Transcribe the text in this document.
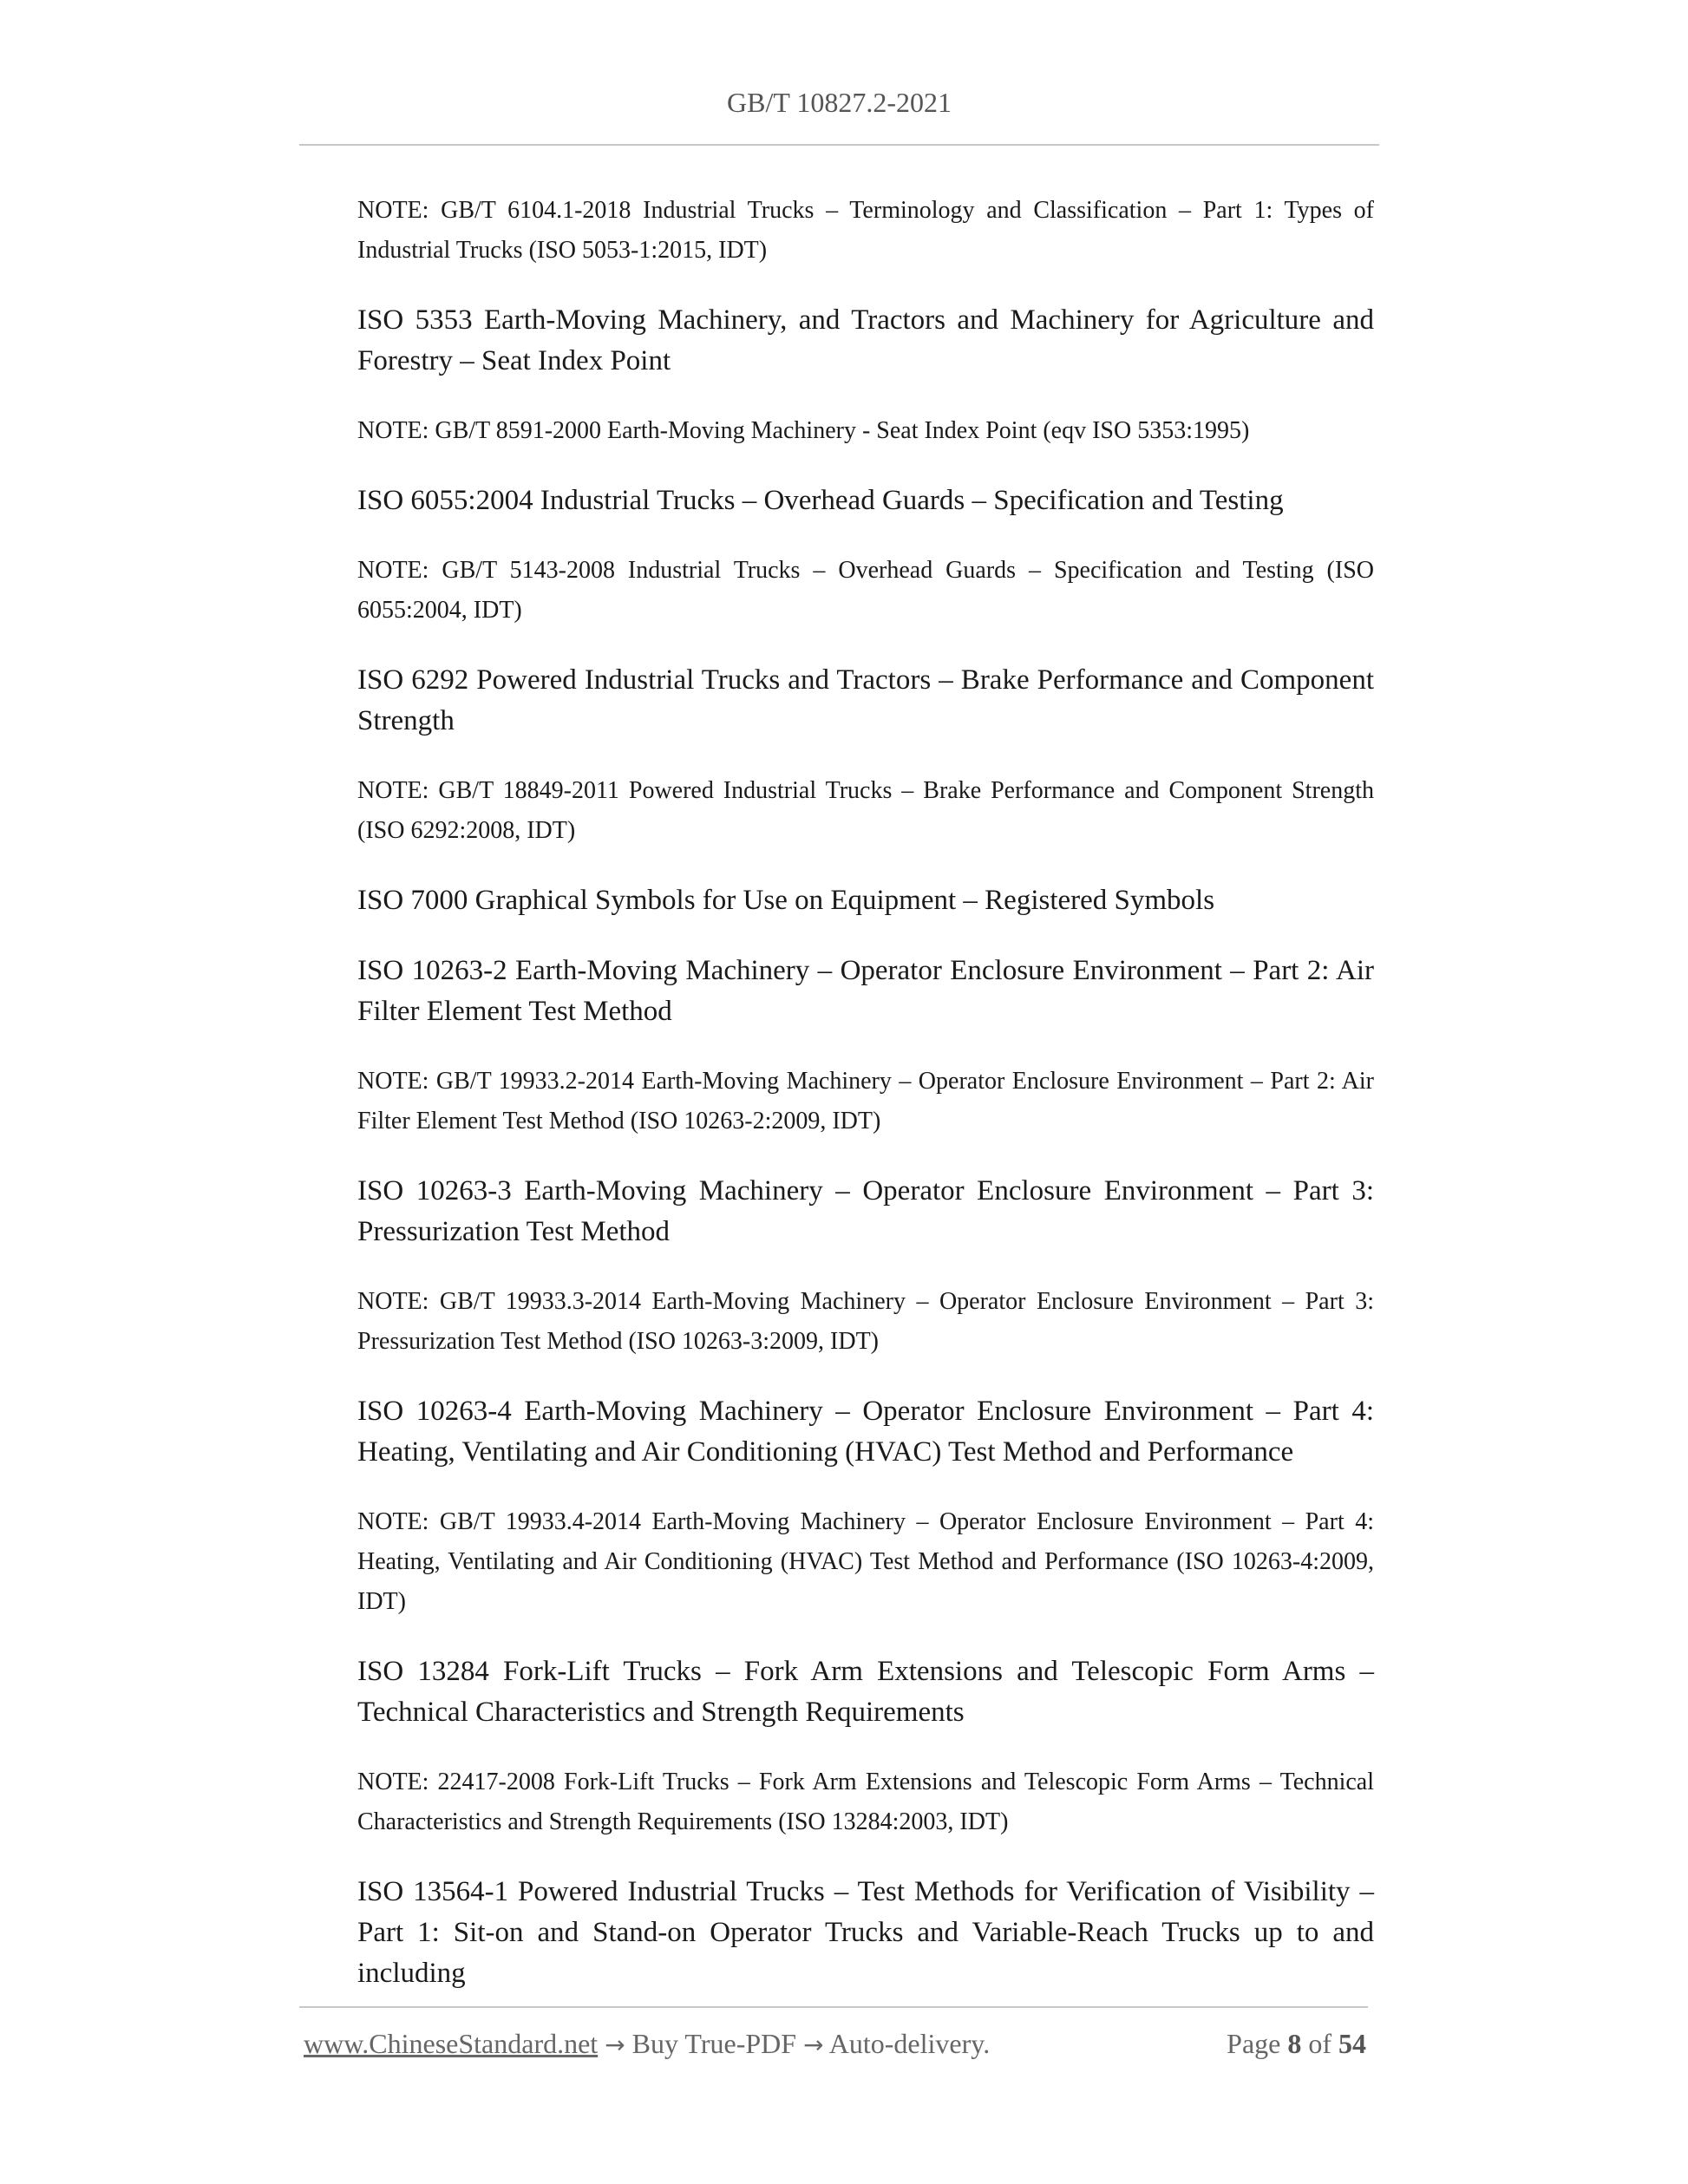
GB/T 10827.2-2021

NOTE: GB/T 6104.1-2018 Industrial Trucks – Terminology and Classification – Part 1: Types of Industrial Trucks (ISO 5053-1:2015, IDT)

ISO 5353 Earth-Moving Machinery, and Tractors and Machinery for Agriculture and Forestry – Seat Index Point

NOTE: GB/T 8591-2000 Earth-Moving Machinery - Seat Index Point (eqv ISO 5353:1995)

ISO 6055:2004 Industrial Trucks – Overhead Guards – Specification and Testing

NOTE: GB/T 5143-2008 Industrial Trucks – Overhead Guards – Specification and Testing (ISO 6055:2004, IDT)

ISO 6292 Powered Industrial Trucks and Tractors – Brake Performance and Component Strength

NOTE: GB/T 18849-2011 Powered Industrial Trucks – Brake Performance and Component Strength (ISO 6292:2008, IDT)

ISO 7000 Graphical Symbols for Use on Equipment – Registered Symbols

ISO 10263-2 Earth-Moving Machinery – Operator Enclosure Environment – Part 2: Air Filter Element Test Method

NOTE: GB/T 19933.2-2014 Earth-Moving Machinery – Operator Enclosure Environment – Part 2: Air Filter Element Test Method (ISO 10263-2:2009, IDT)

ISO 10263-3 Earth-Moving Machinery – Operator Enclosure Environment – Part 3: Pressurization Test Method

NOTE: GB/T 19933.3-2014 Earth-Moving Machinery – Operator Enclosure Environment – Part 3: Pressurization Test Method (ISO 10263-3:2009, IDT)

ISO 10263-4 Earth-Moving Machinery – Operator Enclosure Environment – Part 4: Heating, Ventilating and Air Conditioning (HVAC) Test Method and Performance

NOTE: GB/T 19933.4-2014 Earth-Moving Machinery – Operator Enclosure Environment – Part 4: Heating, Ventilating and Air Conditioning (HVAC) Test Method and Performance (ISO 10263-4:2009, IDT)

ISO 13284 Fork-Lift Trucks – Fork Arm Extensions and Telescopic Form Arms – Technical Characteristics and Strength Requirements

NOTE: 22417-2008 Fork-Lift Trucks – Fork Arm Extensions and Telescopic Form Arms – Technical Characteristics and Strength Requirements (ISO 13284:2003, IDT)

ISO 13564-1 Powered Industrial Trucks – Test Methods for Verification of Visibility – Part 1: Sit-on and Stand-on Operator Trucks and Variable-Reach Trucks up to and including

www.ChineseStandard.net → Buy True-PDF → Auto-delivery.	Page 8 of 54
